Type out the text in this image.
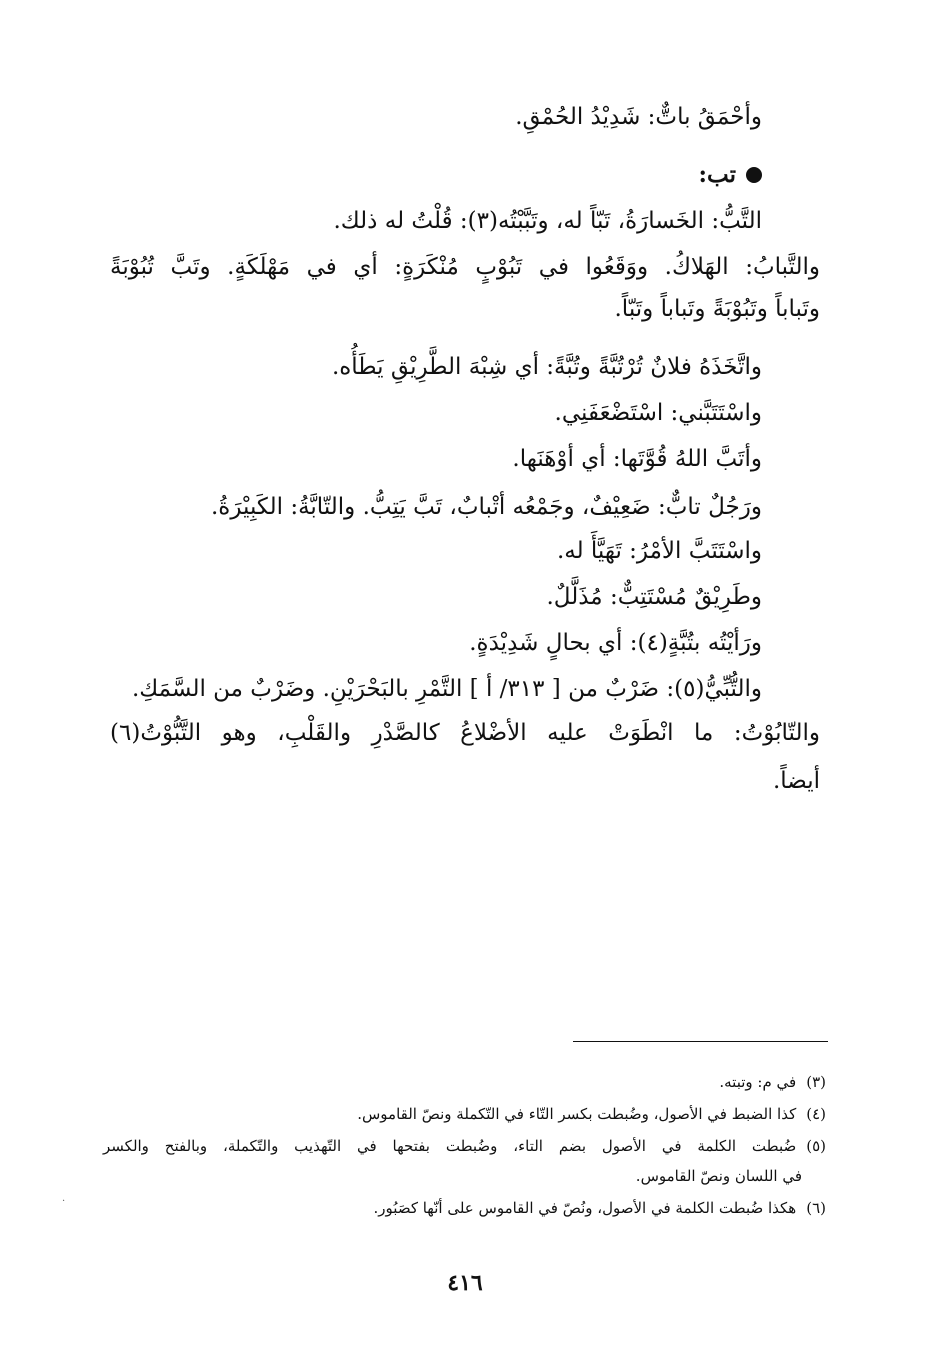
وأحْمَقُ باتٌّ: شَدِيْدُ الحُمْقِ.
تب:
التَّبُّ: الخَسارَةُ، تَبّاً له، وتَبَّبْتُه(٣): قُلْتُ له ذلك.
والتَّبابُ: الهَلاكُ. ووَقَعُوا في تَبُوْبٍ مُنْكَرَةٍ: أي في مَهْلَكَةٍ. وتَبَّ تُبُوْبَةً
وتَباباً وتَبُوْبَةً وتَباباً وتَبّاً.
واتَّخَذَهُ فلانٌ تُرْتُبَّةً وتُبَّةً: أي شِبْهَ الطَّرِيْقِ يَطَأُه.
واسْتَتَبَّني: اسْتَضْعَفَنِي.
وأتَبَّ اللهُ قُوَّتَها: أي أوْهَنَها.
ورَجُلٌ تابٌّ: ضَعِيْفٌ، وجَمْعُه أتْبابٌ، تَبَّ يَتِبُّ. والتّابَّةُ: الكَبِيْرَةُ.
واسْتَتَبَّ الأمْرُ: تَهَيَّأَ له.
وطَرِيْقٌ مُسْتَتِبٌّ: مُذَلَّلٌ.
ورَأيْتُه بتُبَّةٍ(٤): أي بحالٍ شَدِيْدَةٍ.
والتُّبِّيُّ(٥): ضَرْبٌ من [ ٣١٣/ أ ] التَّمْرِ بالبَحْرَيْنِ. وضَرْبٌ من السَّمَكِ.
والتّابُوْتُ: ما انْطَوَتْ عليه الأضْلاعُ كالصَّدْرِ والقَلْبِ، وهو التَّبُّوْتُ(٦)
أيضاً.
(٣)
في م: وتبته.
(٤)
كذا الضبط في الأصول، وضُبطت بكسر التّاء في التّكملة ونصّ القاموس.
(٥)
ضُبطت الكلمة في الأصول بضم التاء، وضُبطت بفتحها في التّهذيب والتّكملة، وبالفتح والكسر
في اللسان ونصّ القاموس.
(٦)
هكذا ضُبطت الكلمة في الأصول، ونُصّ في القاموس على أنّها كصَبُور.
·
٤١٦
